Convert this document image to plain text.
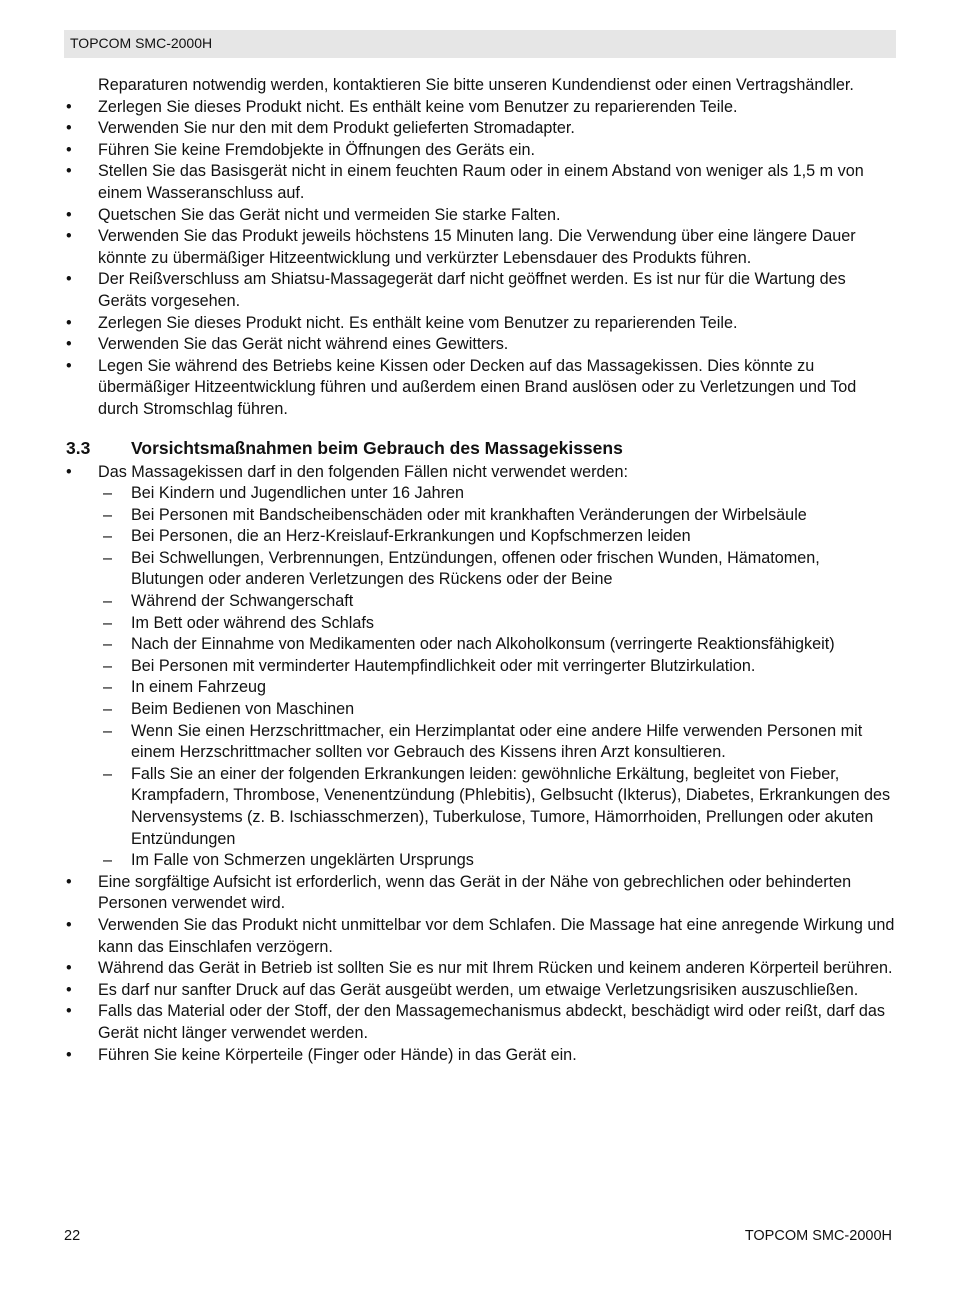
TOPCOM SMC-2000H
Reparaturen notwendig werden, kontaktieren Sie bitte unseren Kundendienst oder einen Vertragshändler.
• Zerlegen Sie dieses Produkt nicht. Es enthält keine vom Benutzer zu reparierenden Teile.
• Verwenden Sie nur den mit dem Produkt gelieferten Stromadapter.
• Führen Sie keine Fremdobjekte in Öffnungen des Geräts ein.
• Stellen Sie das Basisgerät nicht in einem feuchten Raum oder in einem Abstand von weniger als 1,5 m von einem Wasseranschluss auf.
• Quetschen Sie das Gerät nicht und vermeiden Sie starke Falten.
• Verwenden Sie das Produkt jeweils höchstens 15 Minuten lang. Die Verwendung über eine längere Dauer könnte zu übermäßiger Hitzeentwicklung und verkürzter Lebensdauer des Produkts führen.
• Der Reißverschluss am Shiatsu-Massagegerät darf nicht geöffnet werden. Es ist nur für die Wartung des Geräts vorgesehen.
• Zerlegen Sie dieses Produkt nicht. Es enthält keine vom Benutzer zu reparierenden Teile.
• Verwenden Sie das Gerät nicht während eines Gewitters.
• Legen Sie während des Betriebs keine Kissen oder Decken auf das Massagekissen. Dies könnte zu übermäßiger Hitzeentwicklung führen und außerdem einen Brand auslösen oder zu Verletzungen und Tod durch Stromschlag führen.
3.3 Vorsichtsmaßnahmen beim Gebrauch des Massagekissens
• Das Massagekissen darf in den folgenden Fällen nicht verwendet werden:
– Bei Kindern und Jugendlichen unter 16 Jahren
– Bei Personen mit Bandscheibenschäden oder mit krankhaften Veränderungen der Wirbelsäule
– Bei Personen, die an Herz-Kreislauf-Erkrankungen und Kopfschmerzen leiden
– Bei Schwellungen, Verbrennungen, Entzündungen, offenen oder frischen Wunden, Hämatomen, Blutungen oder anderen Verletzungen des Rückens oder der Beine
– Während der Schwangerschaft
– Im Bett oder während des Schlafs
– Nach der Einnahme von Medikamenten oder nach Alkoholkonsum (verringerte Reaktionsfähigkeit)
– Bei Personen mit verminderter Hautempfindlichkeit oder mit verringerter Blutzirkulation.
– In einem Fahrzeug
– Beim Bedienen von Maschinen
– Wenn Sie einen Herzschrittmacher, ein Herzimplantat oder eine andere Hilfe verwenden Personen mit einem Herzschrittmacher sollten vor Gebrauch des Kissens ihren Arzt konsultieren.
– Falls Sie an einer der folgenden Erkrankungen leiden: gewöhnliche Erkältung, begleitet von Fieber, Krampfadern, Thrombose, Venenentzündung (Phlebitis), Gelbsucht (Ikterus), Diabetes, Erkrankungen des Nervensystems (z. B. Ischiasschmerzen), Tuberkulose, Tumore, Hämorrhoiden, Prellungen oder akuten Entzündungen
– Im Falle von Schmerzen ungeklärten Ursprungs
• Eine sorgfältige Aufsicht ist erforderlich, wenn das Gerät in der Nähe von gebrechlichen oder behinderten Personen verwendet wird.
• Verwenden Sie das Produkt nicht unmittelbar vor dem Schlafen. Die Massage hat eine anregende Wirkung und kann das Einschlafen verzögern.
• Während das Gerät in Betrieb ist sollten Sie es nur mit Ihrem Rücken und keinem anderen Körperteil berühren.
• Es darf nur sanfter Druck auf das Gerät ausgeübt werden, um etwaige Verletzungsrisiken auszuschließen.
• Falls das Material oder der Stoff, der den Massagemechanismus abdeckt, beschädigt wird oder reißt, darf das Gerät nicht länger verwendet werden.
• Führen Sie keine Körperteile (Finger oder Hände) in das Gerät ein.
22	TOPCOM SMC-2000H
